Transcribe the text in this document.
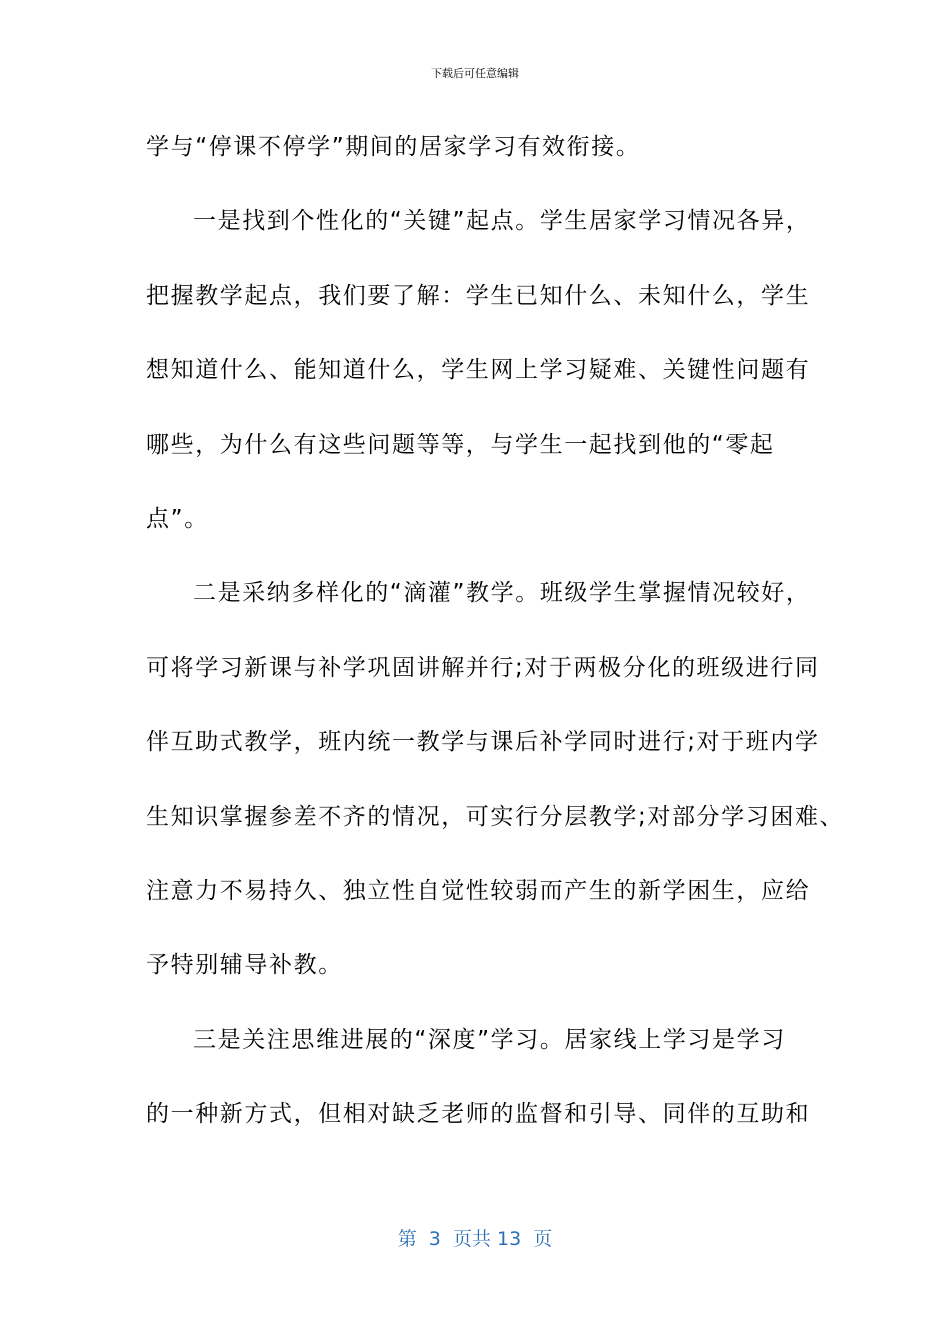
下载后可任意编辑
学与“停课不停学”期间的居家学习有效衔接。
一是找到个性化的“关键”起点。学生居家学习情况各异，
把握教学起点，我们要了解：学生已知什么、未知什么，学生
想知道什么、能知道什么，学生网上学习疑难、关键性问题有
哪些，为什么有这些问题等等，与学生一起找到他的“零起
点”。
二是采纳多样化的“滴灌”教学。班级学生掌握情况较好，
可将学习新课与补学巩固讲解并行;对于两极分化的班级进行同
伴互助式教学，班内统一教学与课后补学同时进行;对于班内学
生知识掌握参差不齐的情况，可实行分层教学;对部分学习困难、
注意力不易持久、独立性自觉性较弱而产生的新学困生，应给
予特别辅导补教。
三是关注思维进展的“深度”学习。居家线上学习是学习
的一种新方式，但相对缺乏老师的监督和引导、同伴的互助和
第  3  页共 13  页
